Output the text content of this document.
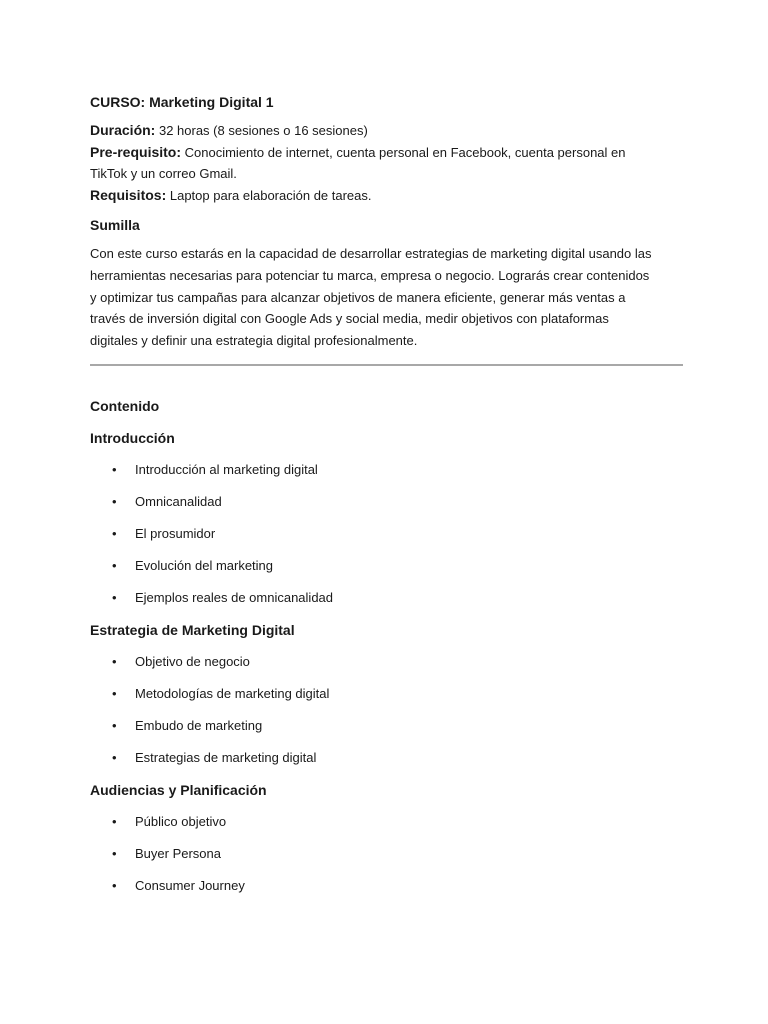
CURSO: Marketing Digital 1

Duración: 32 horas (8 sesiones o 16 sesiones)

Pre-requisito: Conocimiento de internet, cuenta personal en Facebook, cuenta personal en

TikTok y un correo Gmail.

Requisitos: Laptop para elaboración de tareas.

Sumilla
Con este curso estarás en la capacidad de desarrollar estrategias de marketing digital usando las
herramientas necesarias para potenciar tu marca, empresa o negocio. Lograrás crear contenidos
y optimizar tus campañas para alcanzar objetivos de manera eficiente, generar más ventas a
través de inversión digital con Google Ads y social media, medir objetivos con plataformas
digitales y definir una estrategia digital profesionalmente.
Contenido
Introducción
• Introducción al marketing digital
• Omnicanalidad
• El prosumidor
• Evolución del marketing
• Ejemplos reales de omnicanalidad
Estrategia de Marketing Digital
• Objetivo de negocio
• Metodologías de marketing digital
• Embudo de marketing
• Estrategias de marketing digital
Audiencias y Planificación
• Público objetivo
• Buyer Persona
• Consumer Journey
